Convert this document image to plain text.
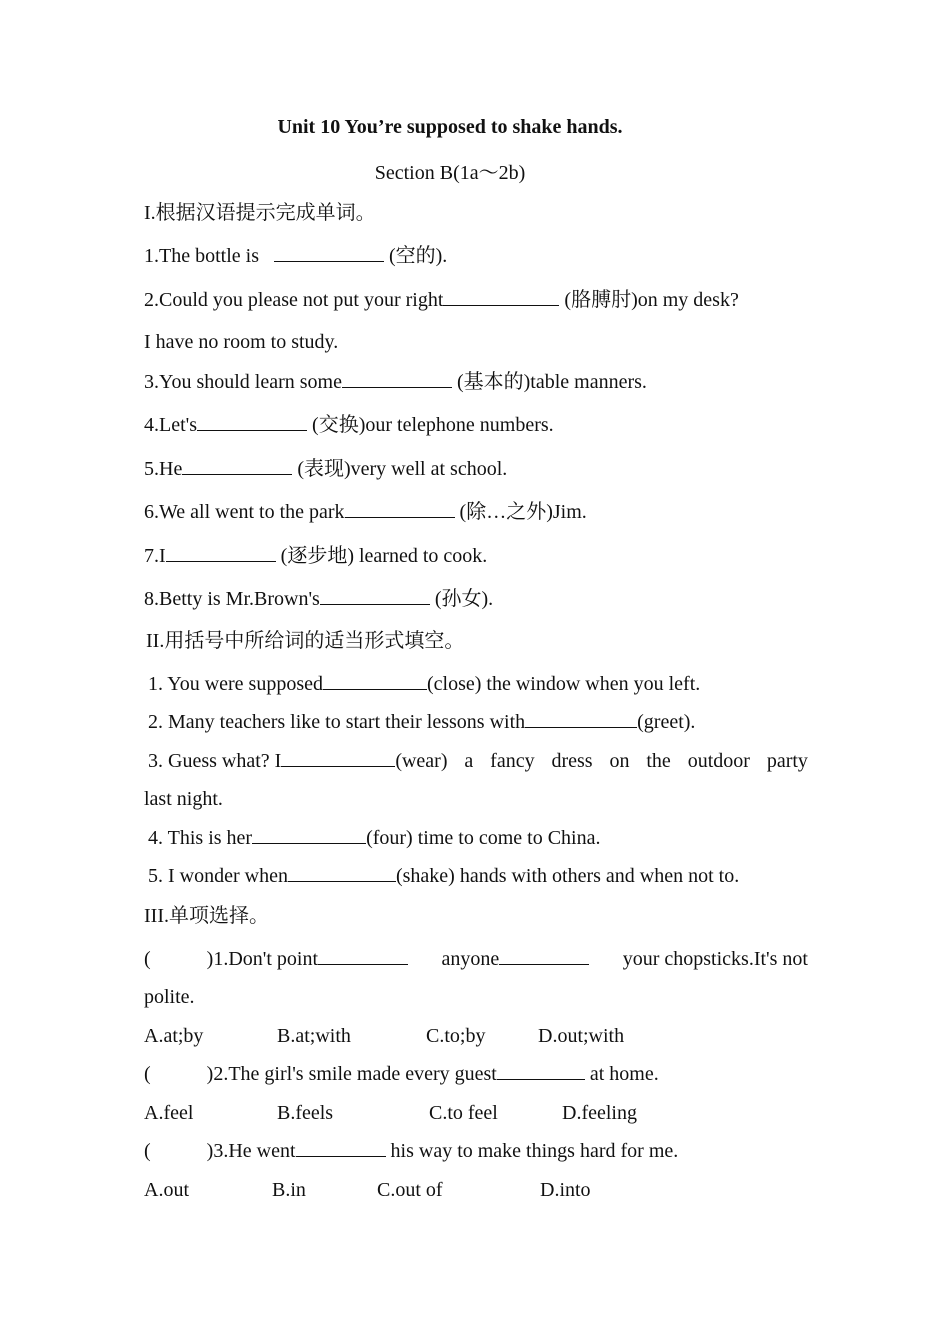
Unit 10 You’re supposed to shake hands.
Section B(1a～2b)
I.根据汉语提示完成单词。
1.The bottle is	(空的).
2.Could you please not put your right	(胳膊肘)on my desk?
I have no room to study.
3.You should learn some	(基本的)table manners.
4.Let's	(交换)our telephone numbers.
5.He	(表现)very well at school.
6.We all went to the park	(除…之外)Jim.
7.I	(逐步地) learned to cook.
8.Betty is Mr.Brown's	(孙女).
II.用括号中所给词的适当形式填空。
1. You were supposed	(close) the window when you left.
2. Many teachers like to start their lessons with	(greet).
3. Guess what? I	(wear) a fancy dress on the outdoor party
last night.
4. This is her	(four) time to come to China.
5. I wonder when	(shake) hands with others and when not to.
III.单项选择。
(	)1.Don't point	anyone	your chopsticks.It's not
polite.
A.at;by	B.at;with	C.to;by	D.out;with
(	)2.The girl's smile made every guest	at home.
A.feel	B.feels	C.to feel	D.feeling
(	)3.He went	his way to make things hard for me.
A.out	B.in	C.out of	D.into
